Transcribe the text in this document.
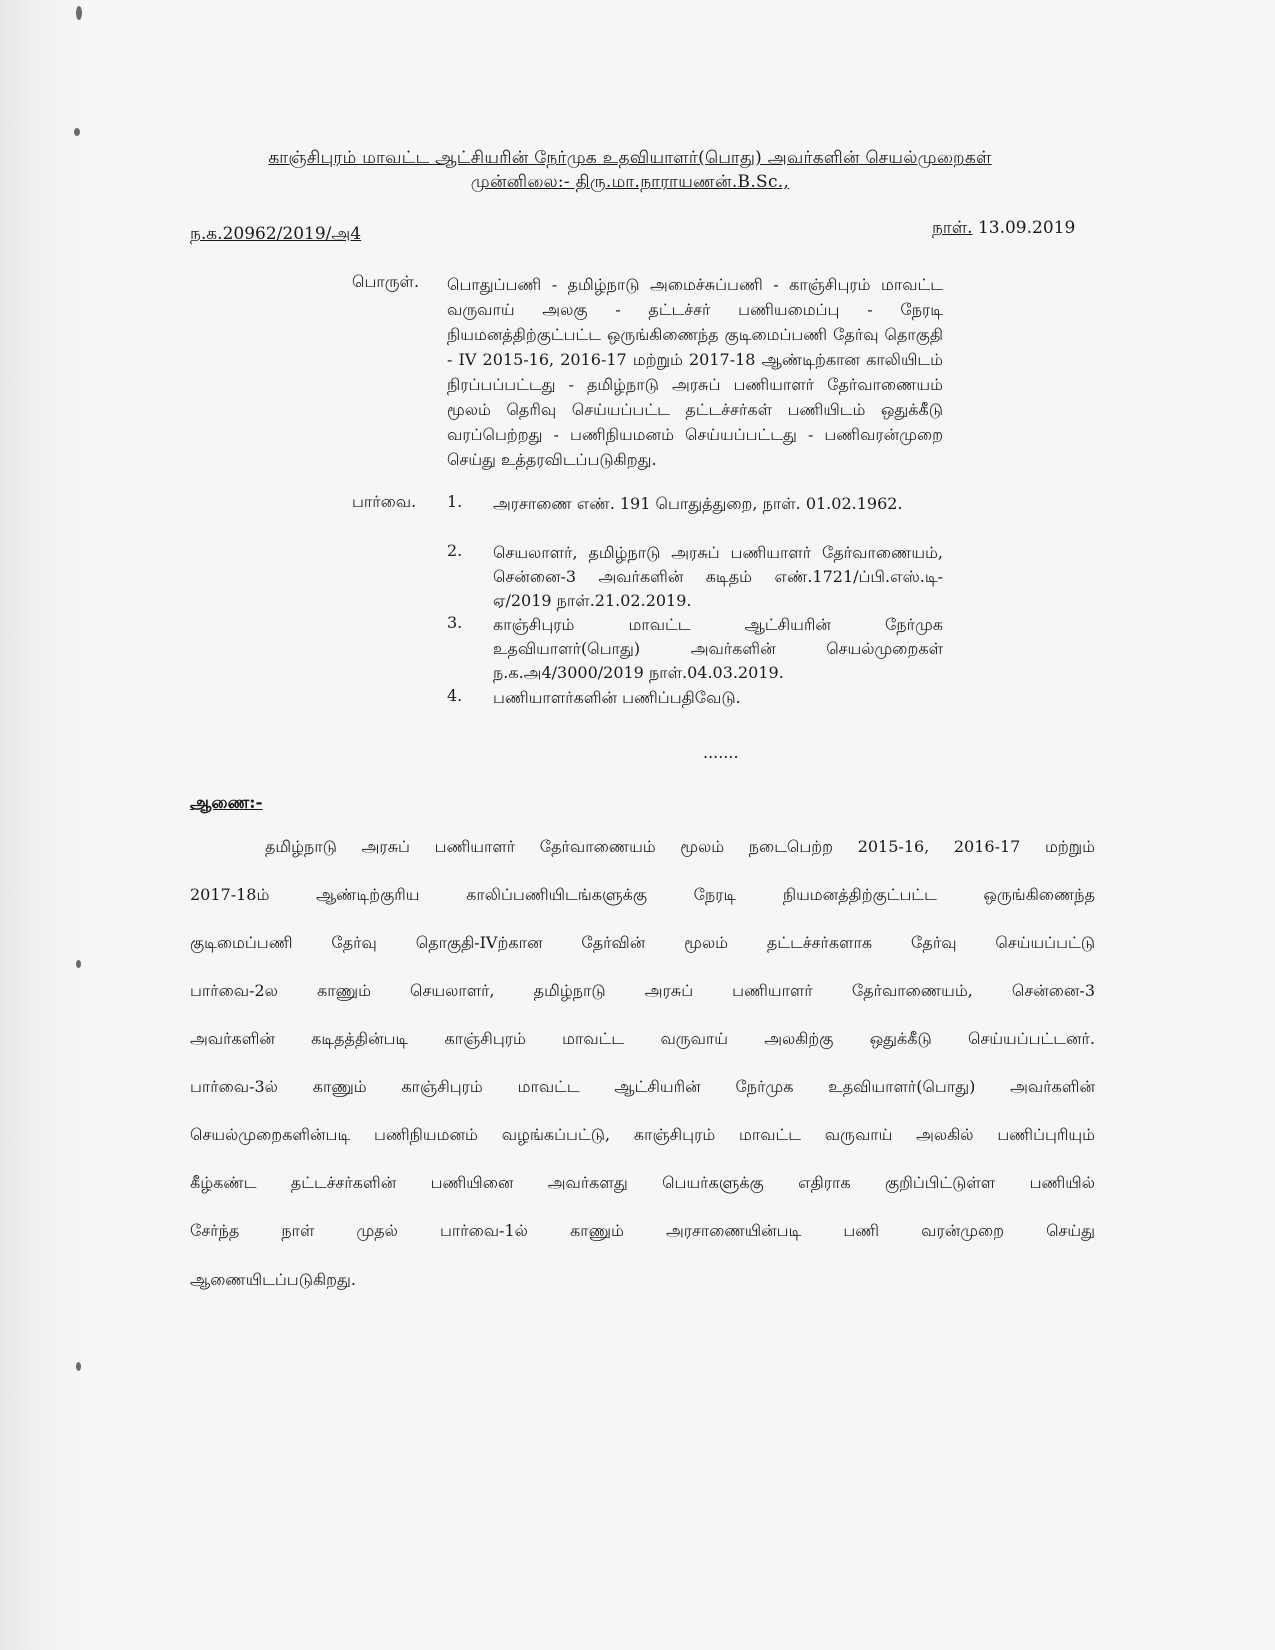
காஞ்சிபுரம் மாவட்ட ஆட்சியரின் நேர்முக உதவியாளர்(பொது) அவர்களின் செயல்முறைகள்
முன்னிலை:- திரு.மா.நாராயணன்.B.Sc.,
ந.க.20962/2019/அ4	நாள். 13.09.2019
பொருள். பொதுப்பணி - தமிழ்நாடு அமைச்சுப்பணி - காஞ்சிபுரம் மாவட்ட வருவாய் அலகு - தட்டச்சர் பணியமைப்பு - நேரடி நியமனத்திற்குட்பட்ட ஒருங்கிணைந்த குடிமைப்பணி தேர்வு தொகுதி - IV 2015-16, 2016-17 மற்றும் 2017-18 ஆண்டிற்கான காலியிடம் நிரப்பப்பட்டது - தமிழ்நாடு அரசுப் பணியாளர் தேர்வாணையம் மூலம் தெரிவு செய்யப்பட்ட தட்டச்சர்கள் பணியிடம் ஒதுக்கீடு வரப்பெற்றது - பணிநியமனம் செய்யப்பட்டது - பணிவரன்முறை செய்து உத்தரவிடப்படுகிறது.
பார்வை. 1. அரசாணை எண். 191 பொதுத்துறை, நாள். 01.02.1962.
2. செயலாளர், தமிழ்நாடு அரசுப் பணியாளர் தேர்வாணையம், சென்னை-3 அவர்களின் கடிதம் எண்.1721/ப்பி.எஸ்.டி-ஏ/2019 நாள்.21.02.2019.
3. காஞ்சிபுரம் மாவட்ட ஆட்சியரின் நேர்முக உதவியாளர்(பொது) அவர்களின் செயல்முறைகள் ந.க.அ4/3000/2019 நாள்.04.03.2019.
4. பணியாளர்களின் பணிப்பதிவேடு.
.......
ஆணை:-
தமிழ்நாடு அரசுப் பணியாளர் தேர்வாணையம் மூலம் நடைபெற்ற 2015-16, 2016-17 மற்றும்
2017-18ம் ஆண்டிற்குரிய காலிப்பணியிடங்களுக்கு நேரடி நியமனத்திற்குட்பட்ட ஒருங்கிணைந்த
குடிமைப்பணி தேர்வு தொகுதி-IVற்கான தேர்வின் மூலம் தட்டச்சர்களாக தேர்வு செய்யப்பட்டு
பார்வை-2ல காணும் செயலாளர், தமிழ்நாடு அரசுப் பணியாளர் தேர்வாணையம், சென்னை-3
அவர்களின் கடிதத்தின்படி காஞ்சிபுரம் மாவட்ட வருவாய் அலகிற்கு ஒதுக்கீடு செய்யப்பட்டனர்.
பார்வை-3ல் காணும் காஞ்சிபுரம் மாவட்ட ஆட்சியரின் நேர்முக உதவியாளர்(பொது) அவர்களின்
செயல்முறைகளின்படி பணிநியமனம் வழங்கப்பட்டு, காஞ்சிபுரம் மாவட்ட வருவாய் அலகில் பணிப்புரியும்
கீழ்கண்ட தட்டச்சர்களின் பணியினை அவர்களது பெயர்களுக்கு எதிராக குறிப்பிட்டுள்ள பணியில்
சேர்ந்த நாள் முதல் பார்வை-1ல் காணும் அரசாணையின்படி பணி வரன்முறை செய்து
ஆணையிடப்படுகிறது.
